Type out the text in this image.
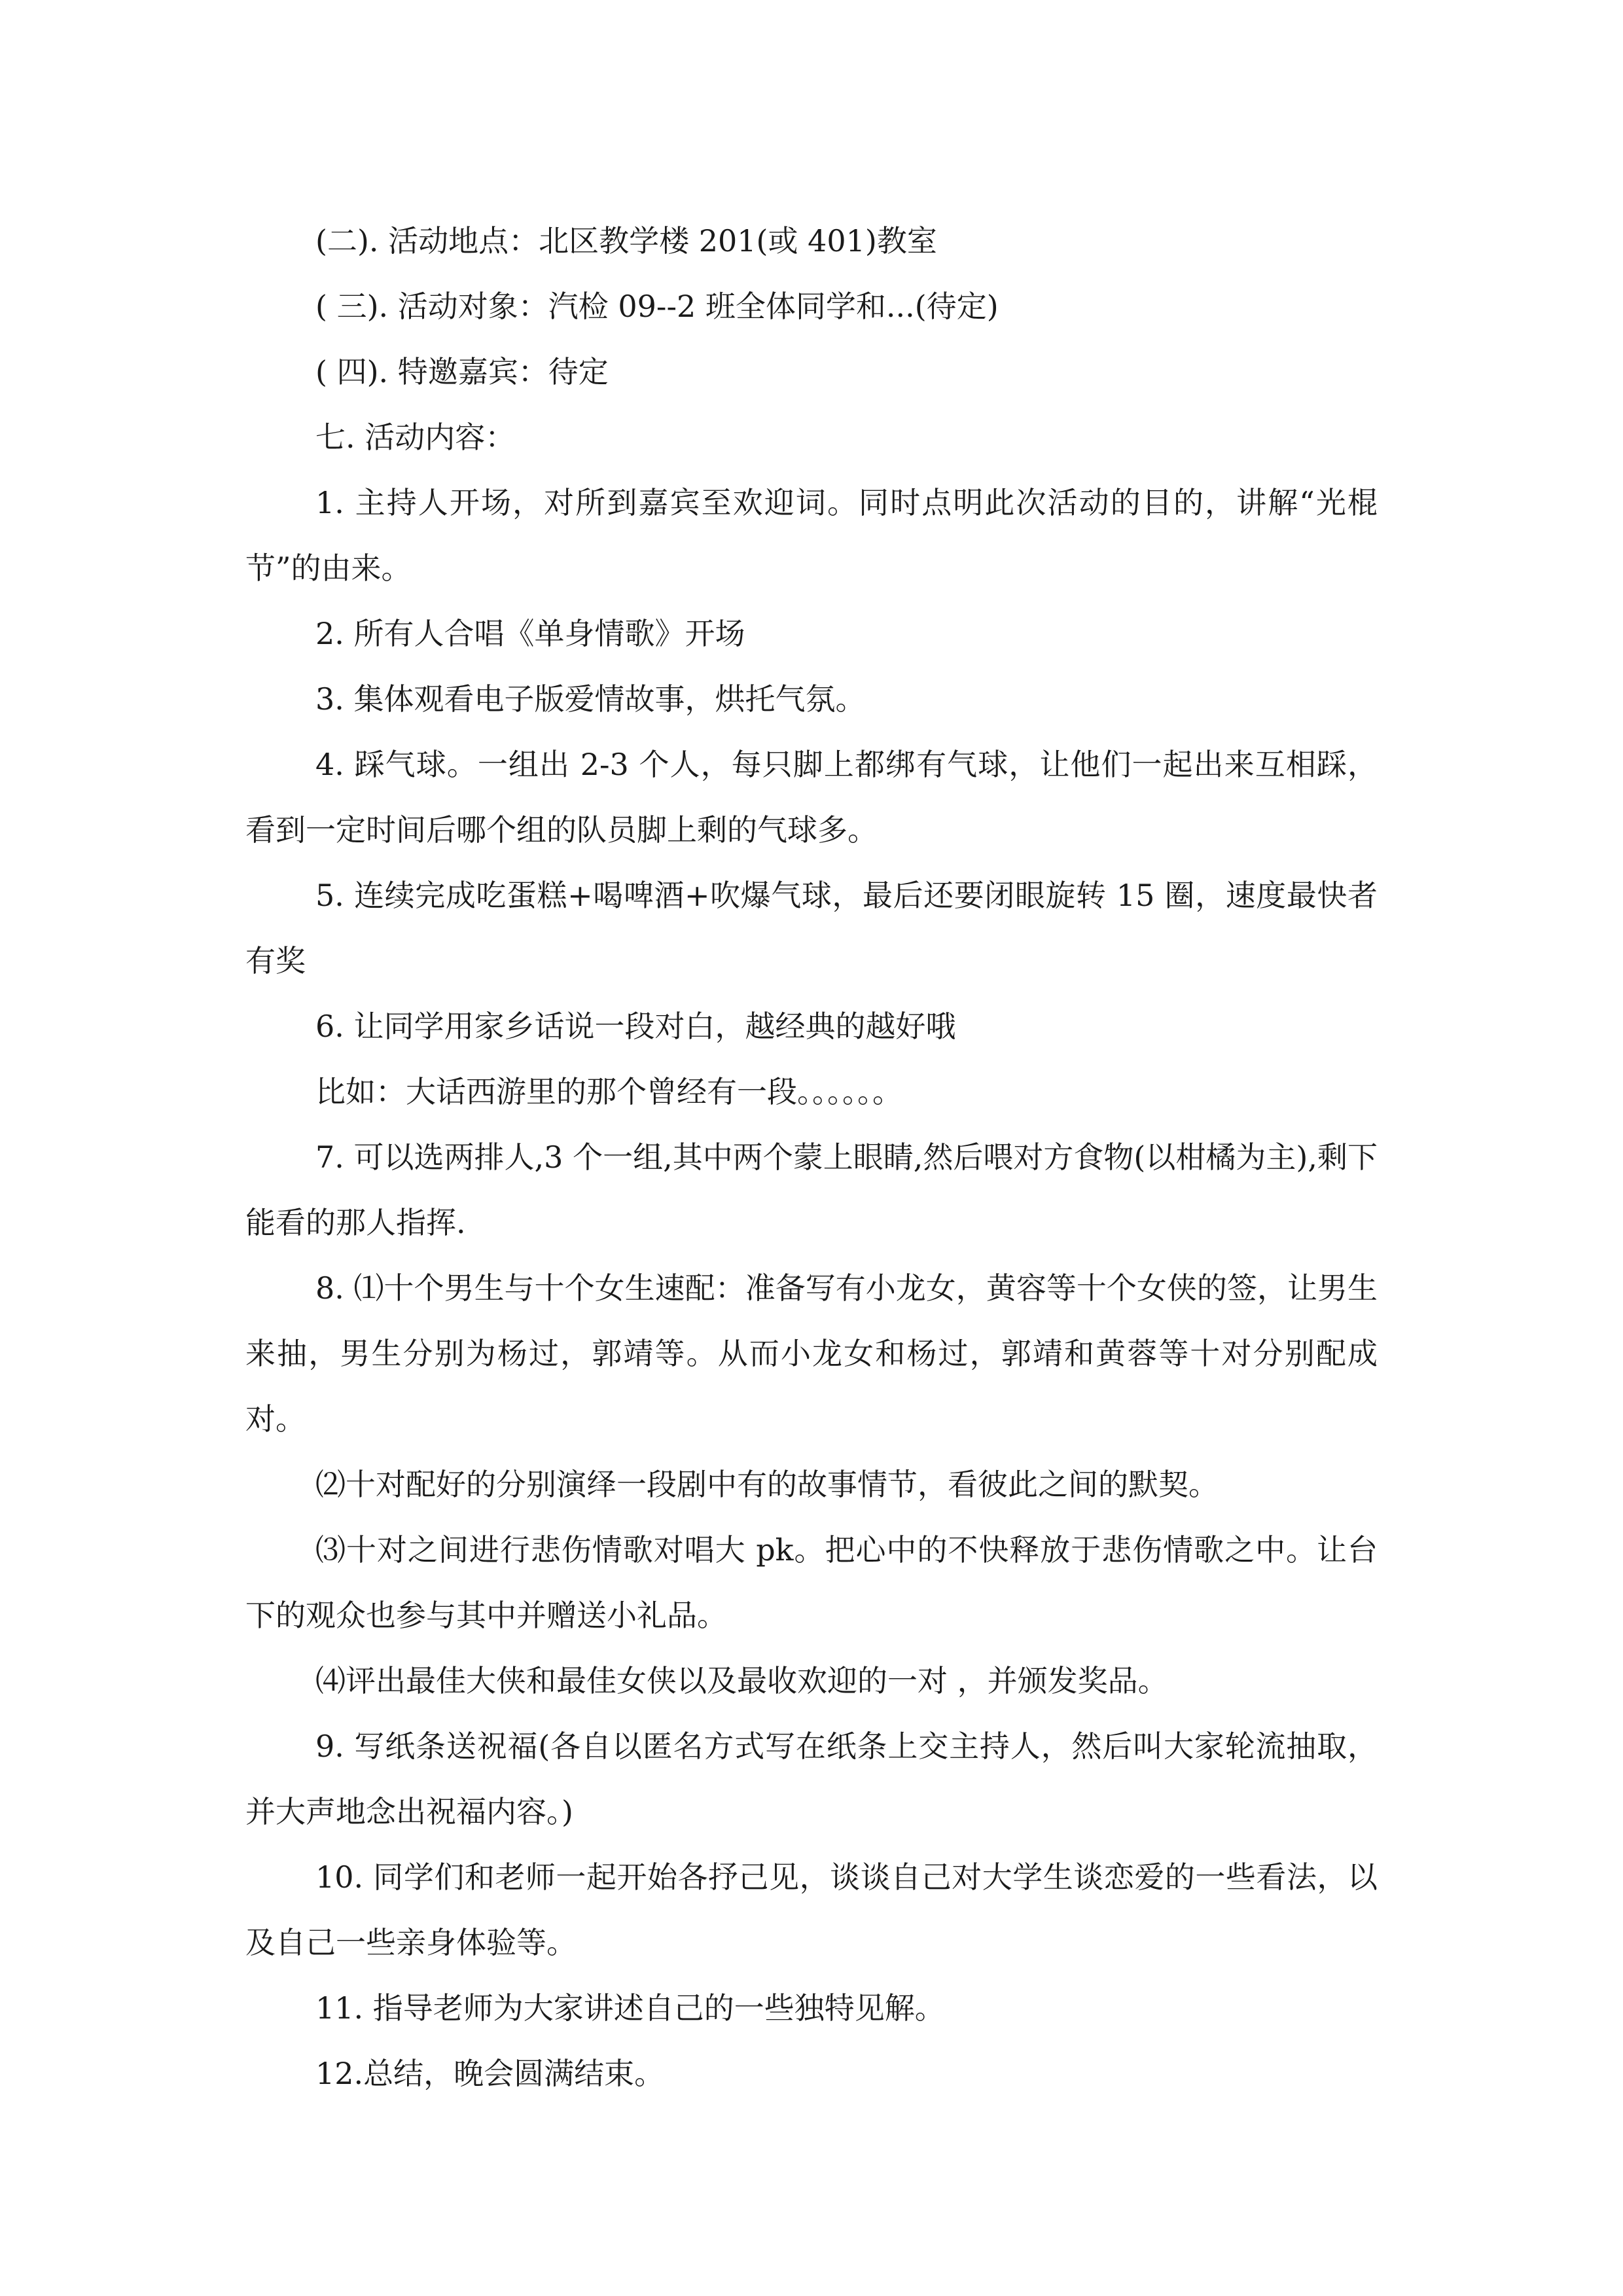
(二). 活动地点：北区教学楼 201(或 401)教室

( 三). 活动对象：汽检 09--2 班全体同学和...(待定)

( 四). 特邀嘉宾：待定

七. 活动内容：

1. 主持人开场，对所到嘉宾至欢迎词。同时点明此次活动的目的，讲解“光棍节”的由来。

2. 所有人合唱《单身情歌》开场

3. 集体观看电子版爱情故事，烘托气氛。

4. 踩气球。一组出 2-3 个人，每只脚上都绑有气球，让他们一起出来互相踩，看到一定时间后哪个组的队员脚上剩的气球多。

5. 连续完成吃蛋糕+喝啤酒+吹爆气球，最后还要闭眼旋转 15 圈，速度最快者有奖

6. 让同学用家乡话说一段对白，越经典的越好哦

比如：大话西游里的那个曾经有一段。。。。。。

7. 可以选两排人,3 个一组,其中两个蒙上眼睛,然后喂对方食物(以柑橘为主),剩下能看的那人指挥.

8. ⑴十个男生与十个女生速配：准备写有小龙女，黄容等十个女侠的签，让男生来抽，男生分别为杨过，郭靖等。从而小龙女和杨过，郭靖和黄蓉等十对分别配成对。

⑵十对配好的分别演绎一段剧中有的故事情节，看彼此之间的默契。

⑶十对之间进行悲伤情歌对唱大 pk。把心中的不快释放于悲伤情歌之中。让台下的观众也参与其中并赠送小礼品。

⑷评出最佳大侠和最佳女侠以及最收欢迎的一对 ，并颁发奖品。

9. 写纸条送祝福(各自以匿名方式写在纸条上交主持人，然后叫大家轮流抽取，并大声地念出祝福内容。)

10. 同学们和老师一起开始各抒己见，谈谈自己对大学生谈恋爱的一些看法，以及自己一些亲身体验等。

11. 指导老师为大家讲述自己的一些独特见解。

12.总结，晚会圆满结束。
